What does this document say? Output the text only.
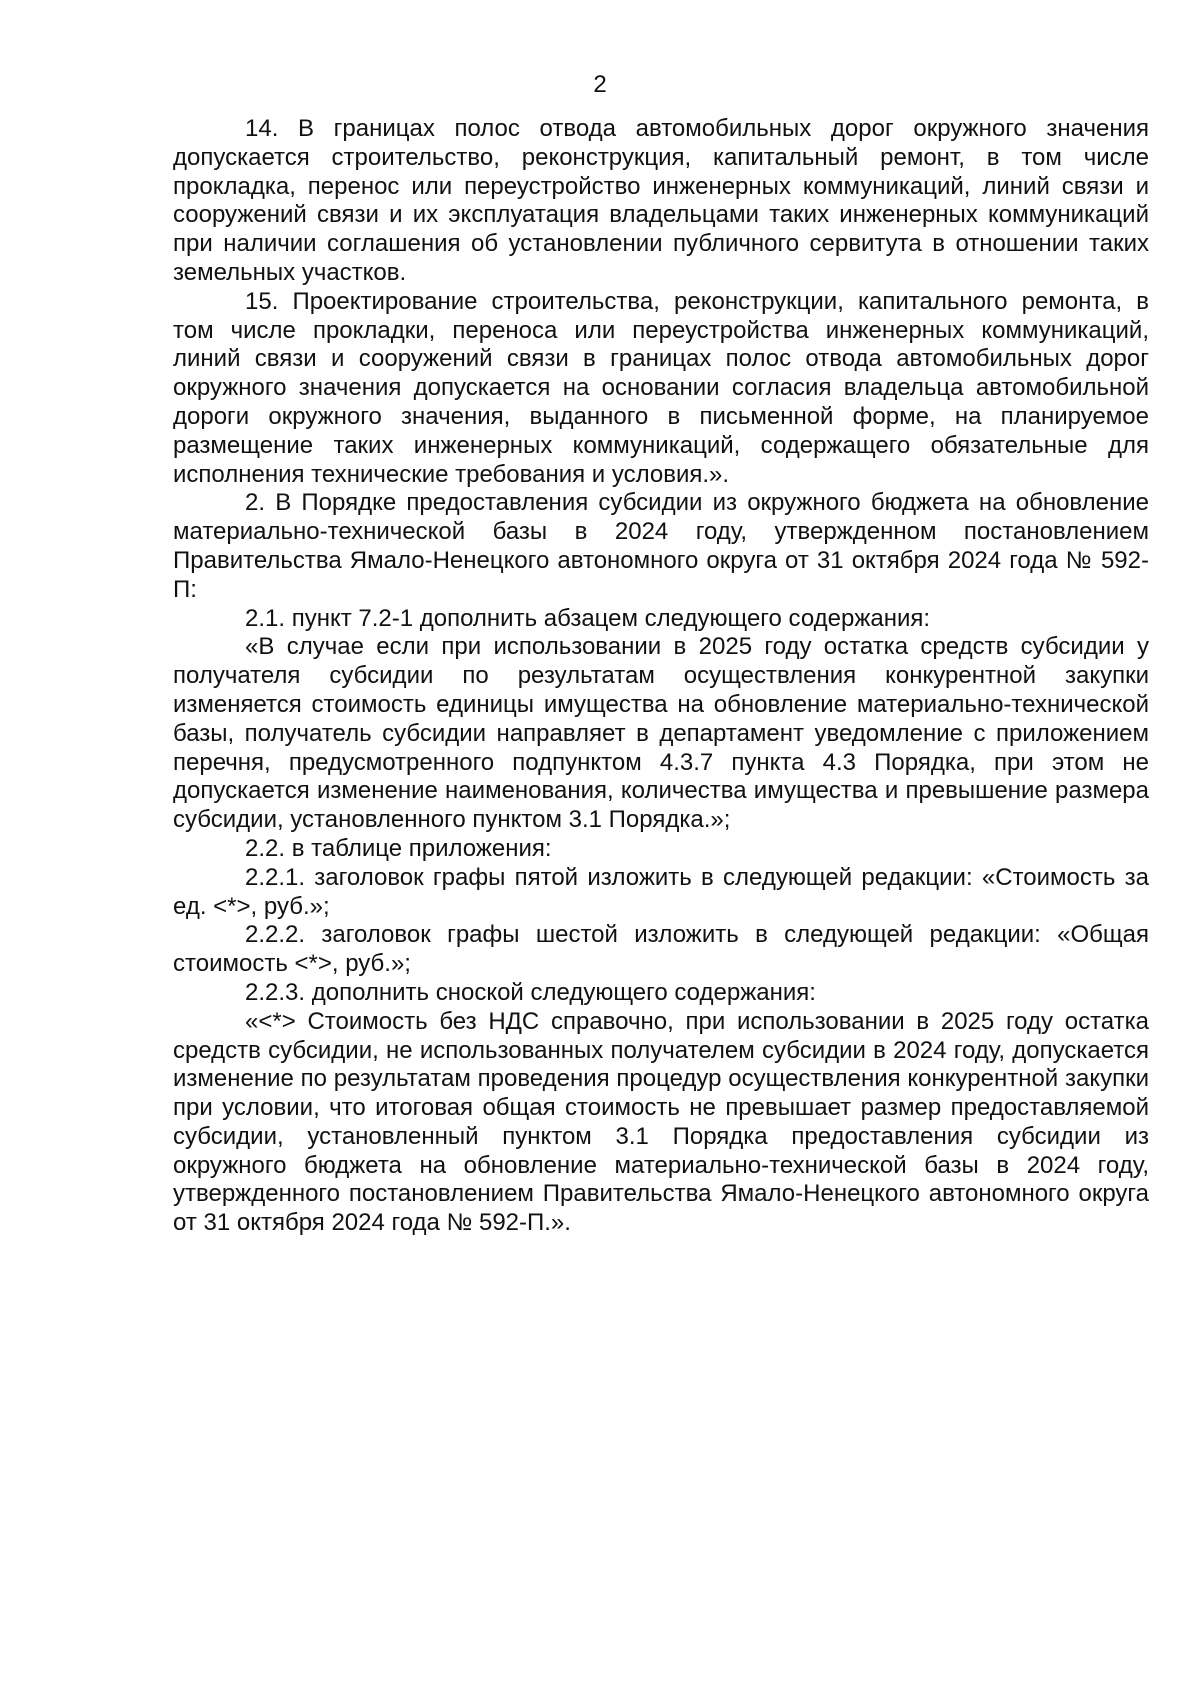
2

14. В границах полос отвода автомобильных дорог окружного значения допускается строительство, реконструкция, капитальный ремонт, в том числе прокладка, перенос или переустройство инженерных коммуникаций, линий связи и сооружений связи и их эксплуатация владельцами таких инженерных коммуникаций при наличии соглашения об установлении публичного сервитута в отношении таких земельных участков.

15. Проектирование строительства, реконструкции, капитального ремонта, в том числе прокладки, переноса или переустройства инженерных коммуникаций, линий связи и сооружений связи в границах полос отвода автомобильных дорог окружного значения допускается на основании согласия владельца автомобильной дороги окружного значения, выданного в письменной форме, на планируемое размещение таких инженерных коммуникаций, содержащего обязательные для исполнения технические требования и условия.».

2. В Порядке предоставления субсидии из окружного бюджета на обновление материально-технической базы в 2024 году, утвержденном постановлением Правительства Ямало-Ненецкого автономного округа от 31 октября 2024 года № 592-П:

2.1. пункт 7.2-1 дополнить абзацем следующего содержания:

«В случае если при использовании в 2025 году остатка средств субсидии у получателя субсидии по результатам осуществления конкурентной закупки изменяется стоимость единицы имущества на обновление материально-технической базы, получатель субсидии направляет в департамент уведомление с приложением перечня, предусмотренного подпунктом 4.3.7 пункта 4.3 Порядка, при этом не допускается изменение наименования, количества имущества и превышение размера субсидии, установленного пунктом 3.1 Порядка.»;

2.2. в таблице приложения:

2.2.1. заголовок графы пятой изложить в следующей редакции: «Стоимость за ед. <*>, руб.»;

2.2.2. заголовок графы шестой изложить в следующей редакции: «Общая стоимость <*>, руб.»;

2.2.3. дополнить сноской следующего содержания:

«<*> Стоимость без НДС справочно, при использовании в 2025 году остатка средств субсидии, не использованных получателем субсидии в 2024 году, допускается изменение по результатам проведения процедур осуществления конкурентной закупки при условии, что итоговая общая стоимость не превышает размер предоставляемой субсидии, установленный пунктом 3.1 Порядка предоставления субсидии из окружного бюджета на обновление материально-технической базы в 2024 году, утвержденного постановлением Правительства Ямало-Ненецкого автономного округа от 31 октября 2024 года № 592-П.».
